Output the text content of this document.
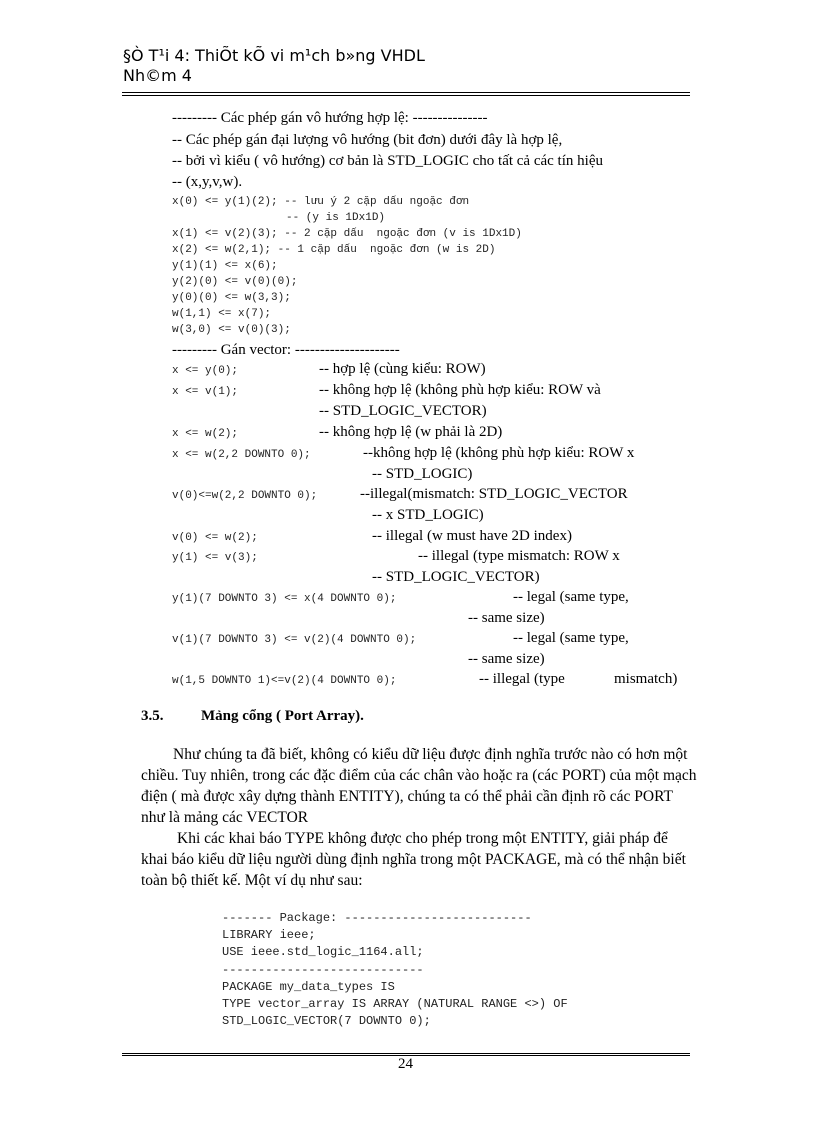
§Ò T¹i 4: ThiÕt kÕ vi m¹ch b»ng VHDL
Nh©m 4
--------- Các phép gán vô hướng hợp lệ: ---------------
-- Các phép gán đại lượng vô hướng (bit đơn) dưới đây là hợp lệ,
-- bởi vì kiểu ( vô hướng) cơ bản là STD_LOGIC cho tất cả các tín hiệu
-- (x,y,v,w).
x(0) <= y(1)(2); -- lưu ý 2 cặp dấu ngoặc đơn
-- (y is 1Dx1D)
x(1) <= v(2)(3); -- 2 cặp dấu  ngoặc đơn (v is 1Dx1D)
x(2) <= w(2,1); -- 1 cặp dấu  ngoặc đơn (w is 2D)
y(1)(1) <= x(6);
y(2)(0) <= v(0)(0);
y(0)(0) <= w(3,3);
w(1,1) <= x(7);
w(3,0) <= v(0)(3);
--------- Gán vector: ---------------------
x <= y(0);	-- hợp lệ (cùng kiểu: ROW)
x <= v(1);	-- không hợp lệ (không phù hợp kiểu: ROW và
-- STD_LOGIC_VECTOR)
x <= w(2);	-- không hợp lệ (w phải là 2D)
x <= w(2,2 DOWNTO 0);	--không hợp lệ (không phù hợp kiểu: ROW x
-- STD_LOGIC)
v(0)<=w(2,2 DOWNTO 0);	--illegal(mismatch: STD_LOGIC_VECTOR
-- x STD_LOGIC)
v(0) <= w(2);	-- illegal (w must have 2D index)
y(1) <= v(3);	-- illegal (type mismatch: ROW x
-- STD_LOGIC_VECTOR)
y(1)(7 DOWNTO 3) <= x(4 DOWNTO 0);	-- legal (same type,
-- same size)
v(1)(7 DOWNTO 3) <= v(2)(4 DOWNTO 0);	-- legal (same type,
-- same size)
w(1,5 DOWNTO 1)<=v(2)(4 DOWNTO 0);	-- illegal (type	mismatch)
3.5.	Mảng cổng ( Port Array).
Như chúng ta đã biết, không có kiểu dữ liệu được định nghĩa trước nào có hơn một chiều. Tuy nhiên, trong các đặc điểm của các chân vào hoặc ra (các PORT) của một mạch điện ( mà được xây dựng thành ENTITY), chúng ta có thể phải cần định rõ các PORT như là mảng các VECTOR
Khi các khai báo TYPE không được cho phép trong một ENTITY, giải pháp để khai báo kiểu dữ liệu người dùng định nghĩa trong một PACKAGE, mà có thể nhận biết toàn bộ thiết kế. Một ví dụ như sau:
------- Package: --------------------------
LIBRARY ieee;
USE ieee.std_logic_1164.all;
----------------------------
PACKAGE my_data_types IS
TYPE vector_array IS ARRAY (NATURAL RANGE <>) OF
STD_LOGIC_VECTOR(7 DOWNTO 0);
24
